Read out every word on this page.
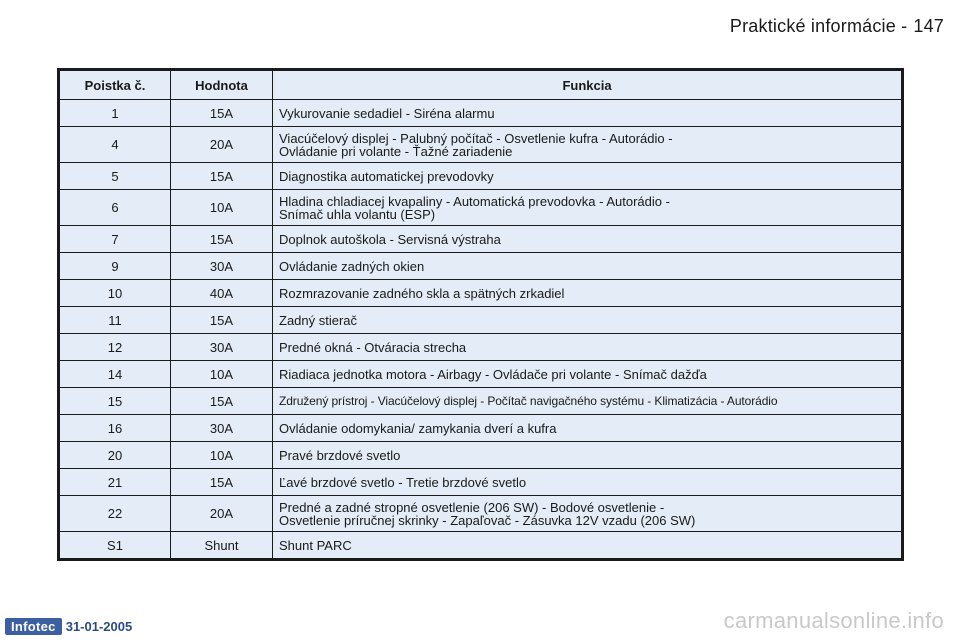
Praktické informácie - 147
Poistka č.	Hodnota	Funkcia
1	15A	Vykurovanie sedadiel - Siréna alarmu

4	20A	Viacúčelový displej - Palubný počítač - Osvetlenie kufra - Autorádio -
Ovládanie pri volante - Ťažné zariadenie

5	15A	Diagnostika automatickej prevodovky

6	10A	Hladina chladiacej kvapaliny - Automatická prevodovka - Autorádio -
Snímač uhla volantu (ESP)

7	15A	Doplnok autoškola - Servisná výstraha

9	30A	Ovládanie zadných okien

10	40A	Rozmrazovanie zadného skla a spätných zrkadiel

11	15A	Zadný stierač

12	30A	Predné okná - Otváracia strecha

14	10A	Riadiaca jednotka motora - Airbagy - Ovládače pri volante - Snímač dažďa

15	15A	Združený prístroj - Viacúčelový displej - Počítač navigačného systému - Klimatizácia - Autorádio

16	30A	Ovládanie odomykania/ zamykania dverí a kufra

20	10A	Pravé brzdové svetlo

21	15A	Ľavé brzdové svetlo - Tretie brzdové svetlo

22	20A	Predné a zadné stropné osvetlenie (206 SW) - Bodové osvetlenie -
Osvetlenie príručnej skrinky - Zapaľovač - Zásuvka 12V vzadu (206 SW)

S1	Shunt	Shunt PARC
Infotec 31-01-2005	carmanualsonline.info
